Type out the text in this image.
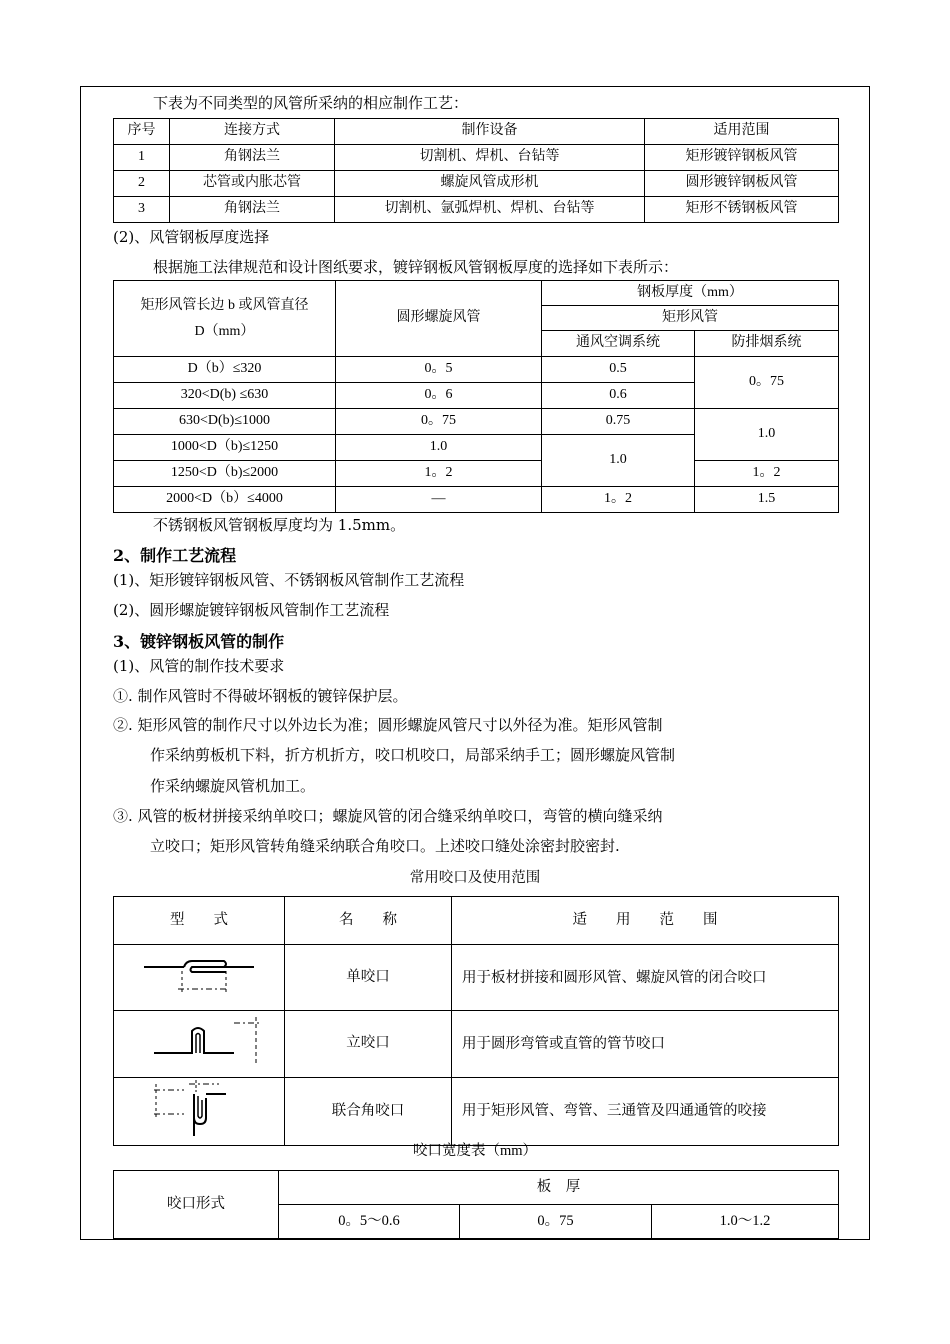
下表为不同类型的风管所采纳的相应制作工艺：
序号	连接方式	制作设备	适用范围
1	角钢法兰	切割机、焊机、台钻等	矩形镀锌钢板风管
2	芯管或内胀芯管	螺旋风管成形机	圆形镀锌钢板风管
3	角钢法兰	切割机、氩弧焊机、焊机、台钻等	矩形不锈钢板风管
(2)、风管钢板厚度选择
根据施工法律规范和设计图纸要求，镀锌钢板风管钢板厚度的选择如下表所示：
矩形风管长边 b 或风管直径
D（mm）	圆形螺旋风管	钢板厚度（mm）	
		矩形风管	
		通风空调系统	防排烟系统
D（b）≤320	0。5	0.5	0。75
320<D(b) ≤630	0。6	0.6	
630<D(b)≤1000	0。75	0.75	1.0
1000<D（b)≤1250	1.0	1.0	
1250<D（b)≤2000	1。2		1。2
2000<D（b）≤4000	—	1。2	1.5
不锈钢板风管钢板厚度均为 1.5mm。
2、制作工艺流程
(1)、矩形镀锌钢板风管、不锈钢板风管制作工艺流程
(2)、圆形螺旋镀锌钢板风管制作工艺流程
3、镀锌钢板风管的制作
(1)、风管的制作技术要求
①. 制作风管时不得破坏钢板的镀锌保护层。
②. 矩形风管的制作尺寸以外边长为准；圆形螺旋风管尺寸以外径为准。矩形风管制
作采纳剪板机下料，折方机折方，咬口机咬口，局部采纳手工；圆形螺旋风管制
作采纳螺旋风管机加工。
③. 风管的板材拼接采纳单咬口；螺旋风管的闭合缝采纳单咬口，弯管的横向缝采纳
立咬口；矩形风管转角缝采纳联合角咬口。上述咬口缝处涂密封胶密封.
常用咬口及使用范围
型　　式	名　　称	适　　用　　范　　围
	单咬口	用于板材拼接和圆形风管、螺旋风管的闭合咬口
	立咬口	用于圆形弯管或直管的管节咬口
	联合角咬口	用于矩形风管、弯管、三通管及四通通管的咬接
咬口宽度表（mm）
咬口形式	板　厚		
	0。5～0.6	0。75	1.0～1.2
